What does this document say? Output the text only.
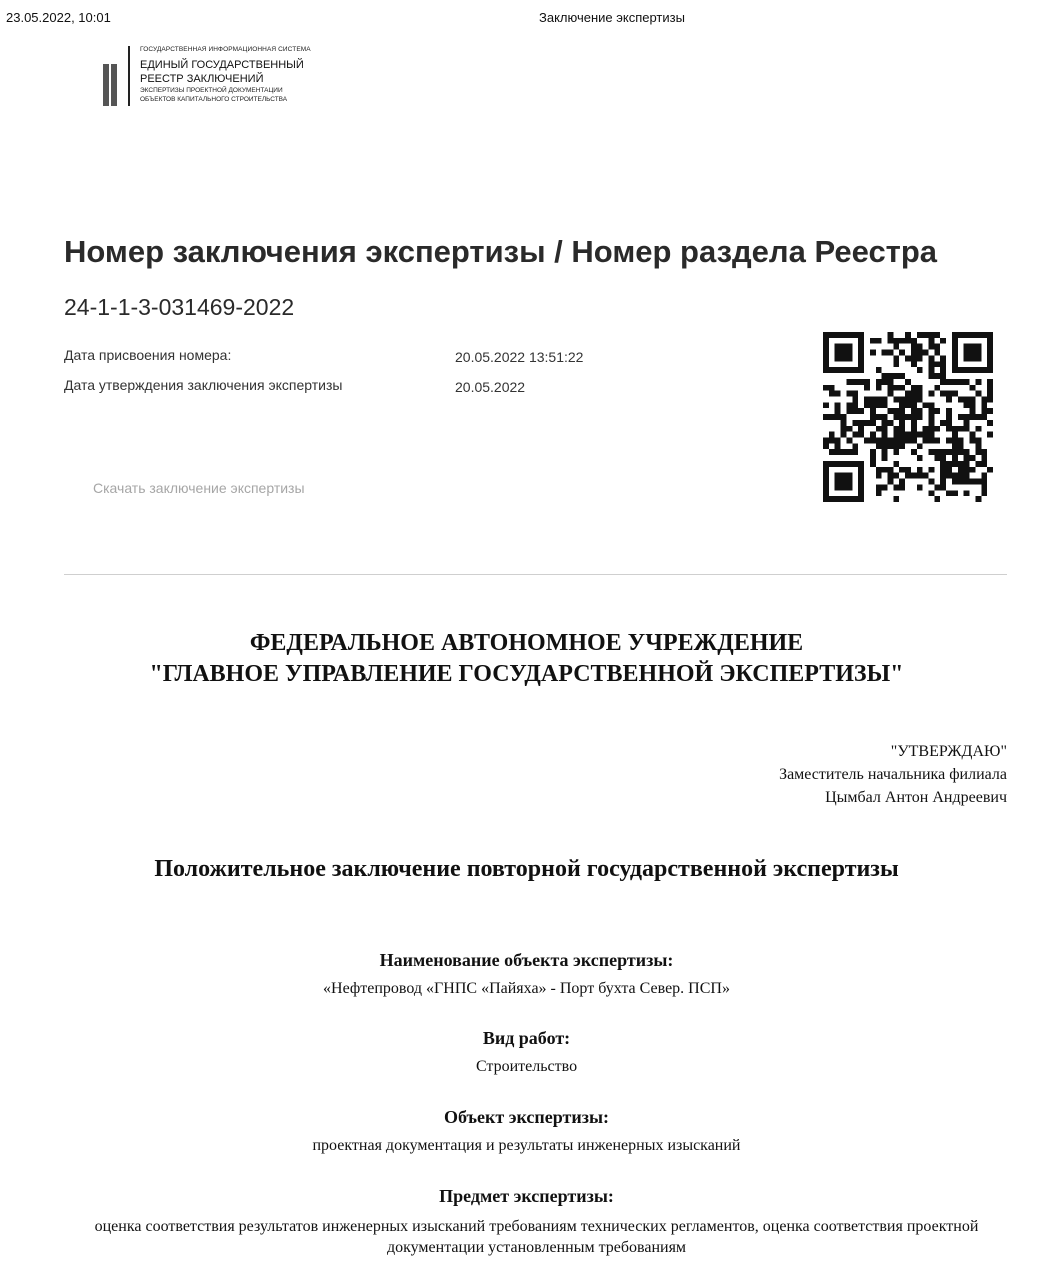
23.05.2022, 10:01	Заключение экспертизы
ГОСУДАРСТВЕННАЯ ИНФОРМАЦИОННАЯ СИСТЕМА
ЕДИНЫЙ ГОСУДАРСТВЕННЫЙ
РЕЕСТР ЗАКЛЮЧЕНИЙ
ЭКСПЕРТИЗЫ ПРОЕКТНОЙ ДОКУМЕНТАЦИИ
ОБЪЕКТОВ КАПИТАЛЬНОГО СТРОИТЕЛЬСТВА
Номер заключения экспертизы / Номер раздела Реестра
24-1-1-3-031469-2022
Дата присвоения номера:	20.05.2022 13:51:22
Дата утверждения заключения экспертизы	20.05.2022
Скачать заключение экспертизы
ФЕДЕРАЛЬНОЕ АВТОНОМНОЕ УЧРЕЖДЕНИЕ
"ГЛАВНОЕ УПРАВЛЕНИЕ ГОСУДАРСТВЕННОЙ ЭКСПЕРТИЗЫ"
"УТВЕРЖДАЮ"
Заместитель начальника филиала
Цымбал Антон Андреевич
Положительное заключение повторной государственной экспертизы
Наименование объекта экспертизы:
«Нефтепровод «ГНПС «Пайяха» - Порт бухта Север. ПСП»
Вид работ:
Строительство
Объект экспертизы:
проектная документация и результаты инженерных изысканий
Предмет экспертизы:
оценка соответствия результатов инженерных изысканий требованиям технических регламентов, оценка соответствия проектной документации установленным требованиям
